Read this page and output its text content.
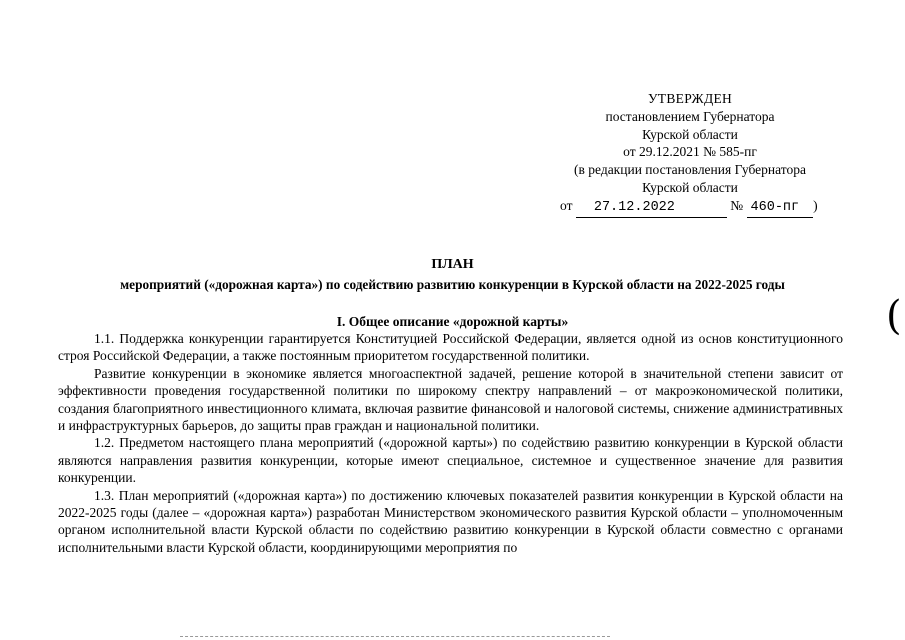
УТВЕРЖДЕН
постановлением Губернатора
Курской области
от 29.12.2021 № 585-пг
(в редакции постановления Губернатора
Курской области
от 27.12.2022	№ 460-пг )
ПЛАН
мероприятий («дорожная карта») по содействию развитию конкуренции в Курской области на 2022-2025 годы
I. Общее описание «дорожной карты»

1.1. Поддержка конкуренции гарантируется Конституцией Российской Федерации, является одной из основ конституционного строя Российской Федерации, а также постоянным приоритетом государственной политики.

Развитие конкуренции в экономике является многоаспектной задачей, решение которой в значительной степени зависит от эффективности проведения государственной политики по широкому спектру направлений – от макроэкономической политики, создания благоприятного инвестиционного климата, включая развитие финансовой и налоговой системы, снижение административных и инфраструктурных барьеров, до защиты прав граждан и национальной политики.

1.2. Предметом настоящего плана мероприятий («дорожной карты») по содействию развитию конкуренции в Курской области являются направления развития конкуренции, которые имеют специальное, системное и существенное значение для развития конкуренции.

1.3. План мероприятий («дорожная карта») по достижению ключевых показателей развития конкуренции в Курской области на 2022-2025 годы (далее – «дорожная карта») разработан Министерством экономического развития Курской области – уполномоченным органом исполнительной власти Курской области по содействию развитию конкуренции в Курской области совместно с органами исполнительными власти Курской области, координирующими мероприятия по

(
